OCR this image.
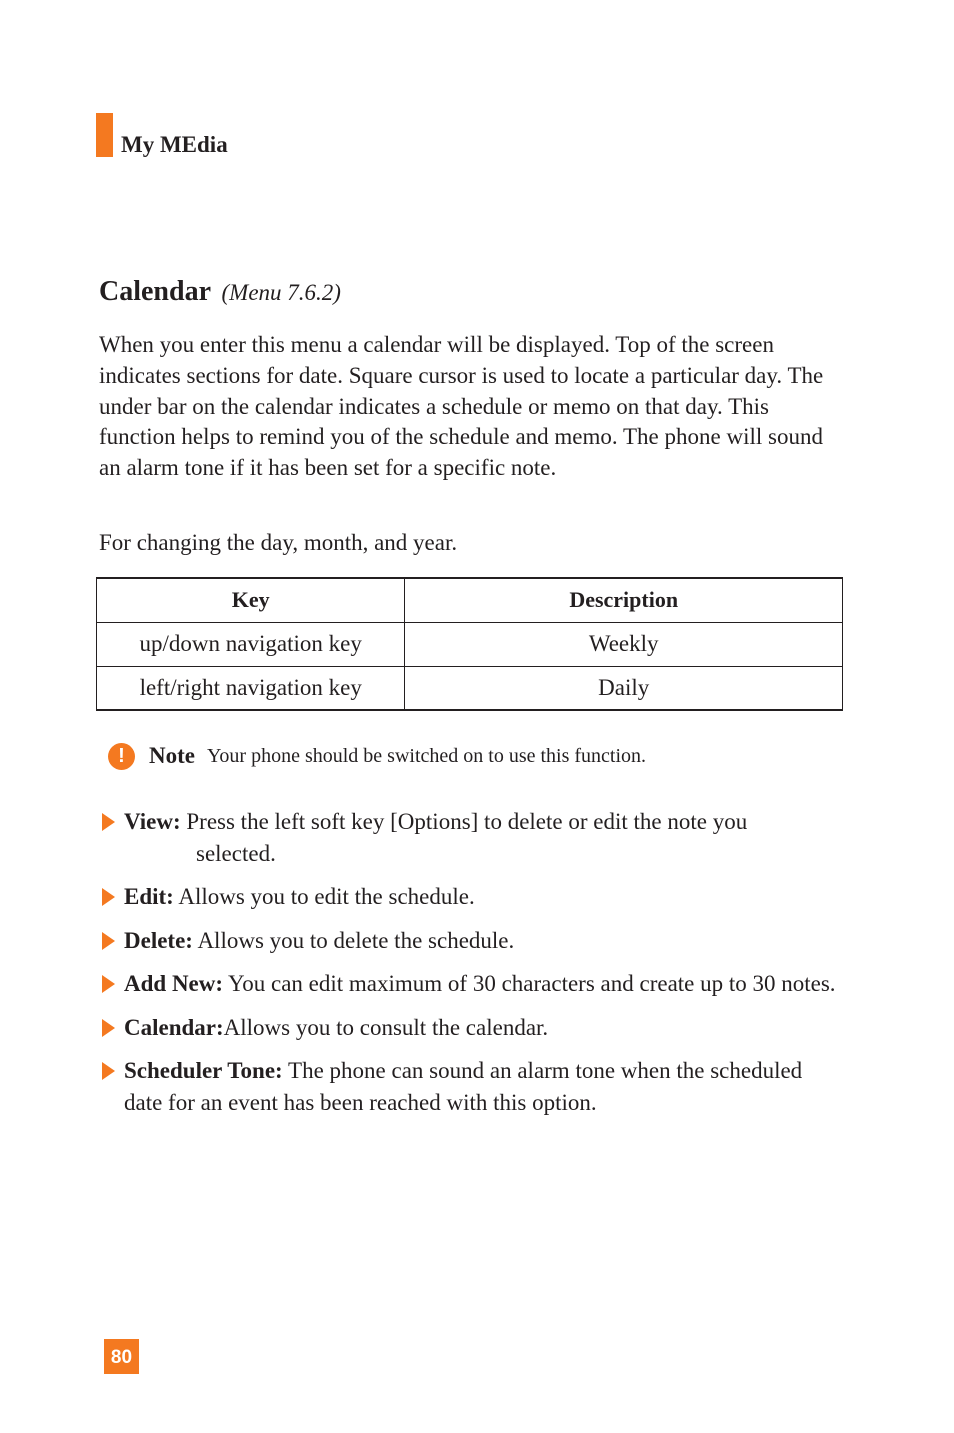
My MEdia
Calendar (Menu 7.6.2)

When you enter this menu a calendar will be displayed. Top of the screen indicates sections for date. Square cursor is used to locate a particular day. The under bar on the calendar indicates a schedule or memo on that day. This function helps to remind you of the schedule and memo. The phone will sound an alarm tone if it has been set for a specific note.

For changing the day, month, and year.

Key	Description
up/down navigation key	Weekly
left/right navigation key	Daily
!	Note Your phone should be switched on to use this function.
View: Press the left soft key [Options] to delete or edit the note you
selected.
Edit: Allows you to edit the schedule.
Delete: Allows you to delete the schedule.
Add New: You can edit maximum of 30 characters and create up to 30 notes.
Calendar:Allows you to consult the calendar.
Scheduler Tone: The phone can sound an alarm tone when the scheduled date for an event has been reached with this option.
80
